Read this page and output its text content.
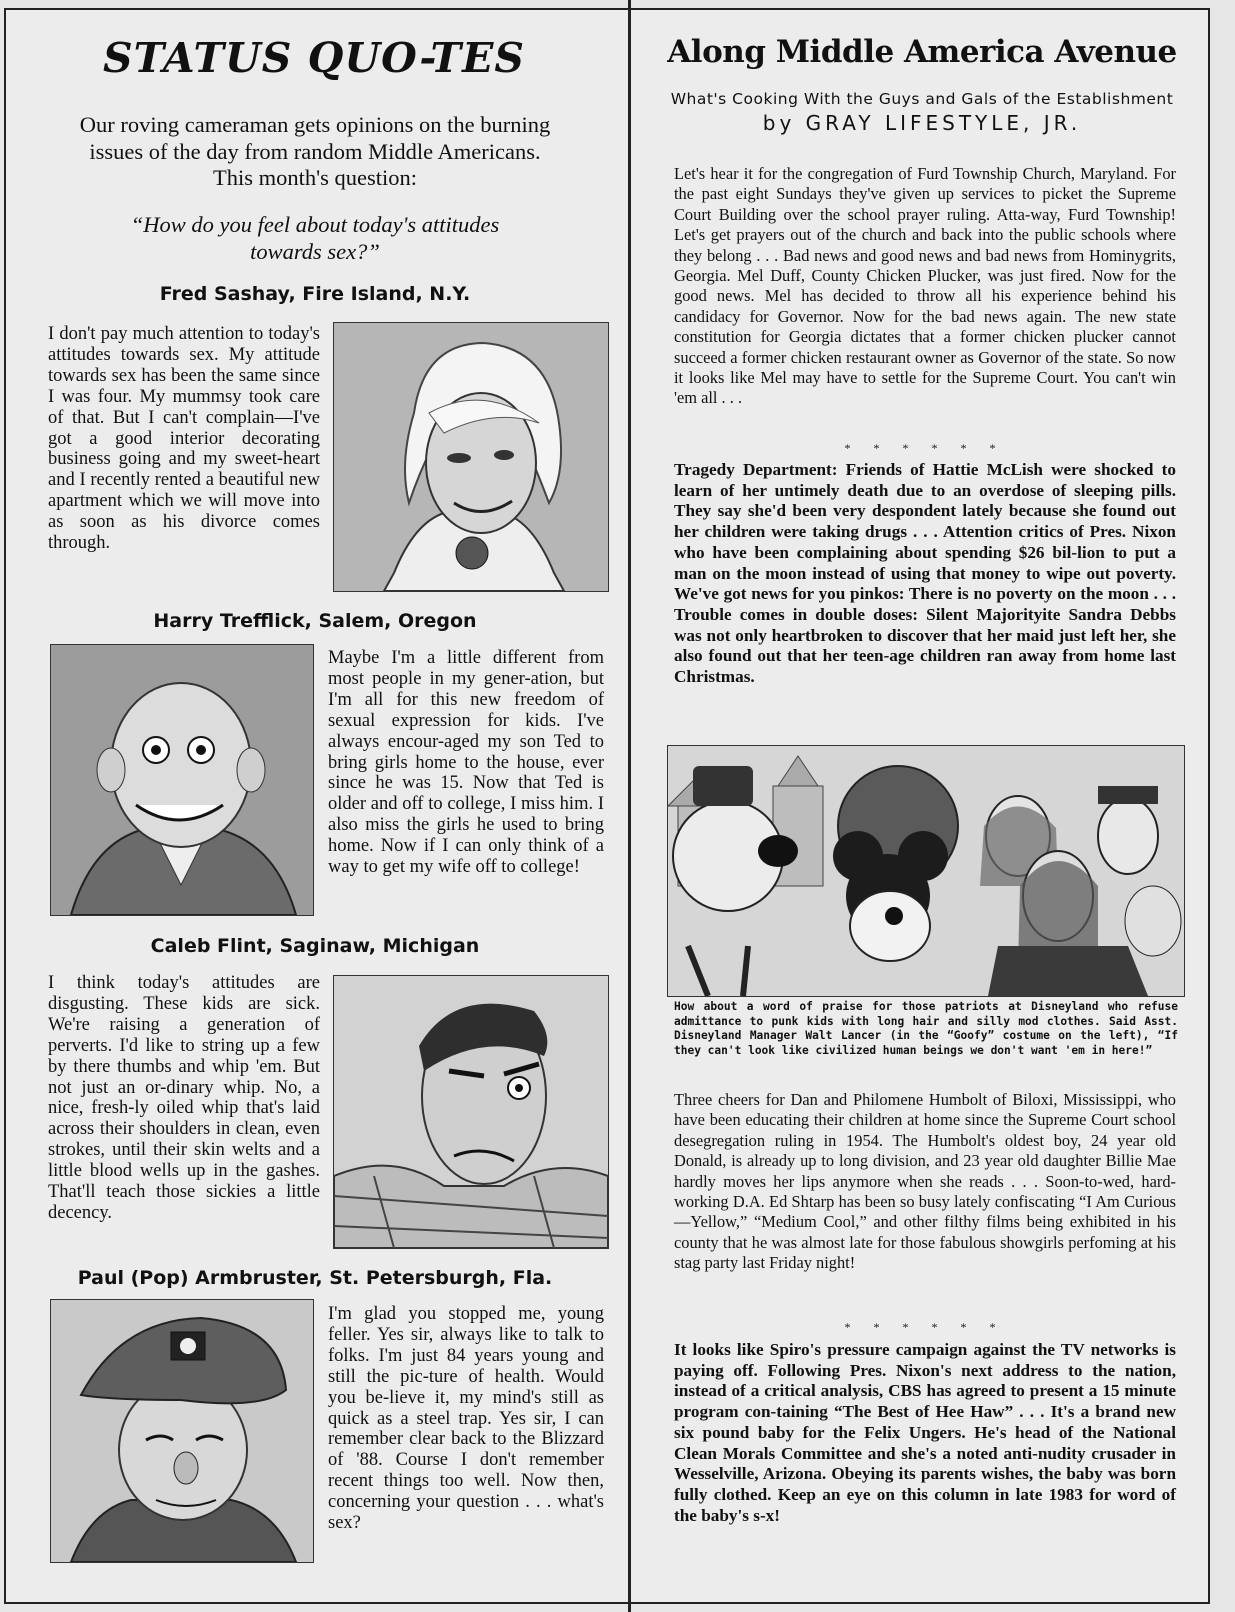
STATUS QUO-TES
Our roving cameraman gets opinions on the burning issues of the day from random Middle Americans. This month's question:
“How do you feel about today's attitudes towards sex?”
Fred Sashay, Fire Island, N.Y.
I don't pay much attention to today's attitudes towards sex. My attitude towards sex has been the same since I was four. My mummsy took care of that. But I can't complain—I've got a good interior decorating business going and my sweet-heart and I recently rented a beautiful new apartment which we will move into as soon as his divorce comes through.
Harry Trefflick, Salem, Oregon
Maybe I'm a little different from most people in my gener-ation, but I'm all for this new freedom of sexual expression for kids. I've always encour-aged my son Ted to bring girls home to the house, ever since he was 15. Now that Ted is older and off to college, I miss him. I also miss the girls he used to bring home. Now if I can only think of a way to get my wife off to college!
Caleb Flint, Saginaw, Michigan
I think today's attitudes are disgusting. These kids are sick. We're raising a generation of perverts. I'd like to string up a few by there thumbs and whip 'em. But not just an or-dinary whip. No, a nice, fresh-ly oiled whip that's laid across their shoulders in clean, even strokes, until their skin welts and a little blood wells up in the gashes. That'll teach those sickies a little decency.
Paul (Pop) Armbruster, St. Petersburgh, Fla.
I'm glad you stopped me, young feller. Yes sir, always like to talk to folks. I'm just 84 years young and still the pic-ture of health. Would you be-lieve it, my mind's still as quick as a steel trap. Yes sir, I can remember clear back to the Blizzard of '88. Course I don't remember recent things too well. Now then, concerning your question . . . what's sex?
Along Middle America Avenue
What's Cooking With the Guys and Gals of the Establishment
by GRAY LIFESTYLE, JR.
Let's hear it for the congregation of Furd Township Church, Maryland. For the past eight Sundays they've given up services to picket the Supreme Court Building over the school prayer ruling. Atta-way, Furd Township! Let's get prayers out of the church and back into the public schools where they belong . . . Bad news and good news and bad news from Hominygrits, Georgia. Mel Duff, County Chicken Plucker, was just fired. Now for the good news. Mel has decided to throw all his experience behind his candidacy for Governor. Now for the bad news again. The new state constitution for Georgia dictates that a former chicken plucker cannot succeed a former chicken restaurant owner as Governor of the state. So now it looks like Mel may have to settle for the Supreme Court. You can't win 'em all . . .
* * * * * *
Tragedy Department: Friends of Hattie McLish were shocked to learn of her untimely death due to an overdose of sleeping pills. They say she'd been very despondent lately because she found out her children were taking drugs . . . Attention critics of Pres. Nixon who have been complaining about spending $26 bil-lion to put a man on the moon instead of using that money to wipe out poverty. We've got news for you pinkos: There is no poverty on the moon . . . Trouble comes in double doses: Silent Majorityite Sandra Debbs was not only heartbroken to discover that her maid just left her, she also found out that her teen-age children ran away from home last Christmas.
How about a word of praise for those patriots at Disneyland who refuse admittance to punk kids with long hair and silly mod clothes. Said Asst. Disneyland Manager Walt Lancer (in the “Goofy” costume on the left), “If they can't look like civilized human beings we don't want 'em in here!”
Three cheers for Dan and Philomene Humbolt of Biloxi, Mississippi, who have been educating their children at home since the Supreme Court school desegregation ruling in 1954. The Humbolt's oldest boy, 24 year old Donald, is already up to long division, and 23 year old daughter Billie Mae hardly moves her lips anymore when she reads . . . Soon-to-wed, hard-working D.A. Ed Shtarp has been so busy lately confiscating “I Am Curious—Yellow,” “Medium Cool,” and other filthy films being exhibited in his county that he was almost late for those fabulous showgirls perfoming at his stag party last Friday night!
* * * * * *
It looks like Spiro's pressure campaign against the TV networks is paying off. Following Pres. Nixon's next address to the nation, instead of a critical analysis, CBS has agreed to present a 15 minute program con-taining “The Best of Hee Haw” . . . It's a brand new six pound baby for the Felix Ungers. He's head of the National Clean Morals Committee and she's a noted anti-nudity crusader in Wesselville, Arizona. Obeying its parents wishes, the baby was born fully clothed. Keep an eye on this column in late 1983 for word of the baby's s-x!
